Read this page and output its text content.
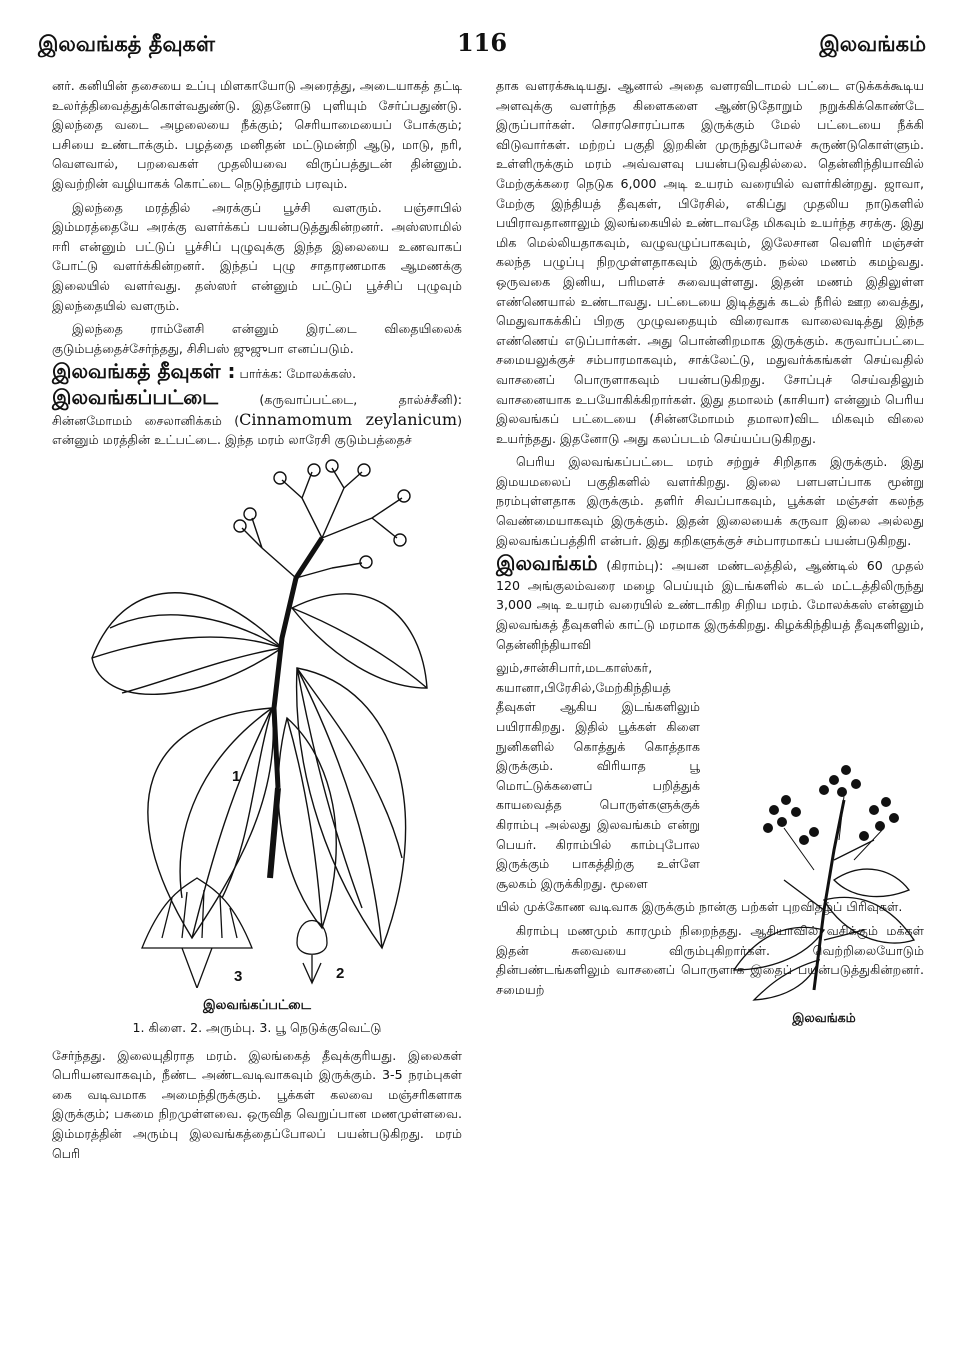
இலவங்கத் தீவுகள்	116	இலவங்கம்

னர். கனியின் தசையை உப்பு மிளகாயோடு அரைத்து, அடையாகத் தட்டி உலர்த்திவைத்துக்கொள்வதுண்டு. இதனோடு புளியும் சேர்ப்பதுண்டு. இலந்தை வடை அழலையை நீக்கும்; செரியாமையைப் போக்கும்; பசியை உண்டாக்கும். பழத்தை மனிதன் மட்டுமன்றி ஆடு, மாடு, நரி, வௌவால், பறவைகள் முதலியவை விருப்பத்துடன் தின்னும். இவற்றின் வழியாகக் கொட்டை நெடுந்தூரம் பரவும்.

இலந்தை மரத்தில் அரக்குப் பூச்சி வளரும். பஞ்சாபில் இம்மரத்தையே அரக்கு வளர்க்கப் பயன்படுத்துகின்றனர். அஸ்ஸாமில் ஈரி என்னும் பட்டுப் பூச்சிப் புழுவுக்கு இந்த இலையை உணவாகப் போட்டு வளர்க்கின்றனர். இந்தப் புழு சாதாரணமாக ஆமணக்கு இலையில் வளர்வது. தஸ்ஸர் என்னும் பட்டுப் பூச்சிப் புழுவும் இலந்தையில் வளரும்.

இலந்தை ராம்னேசி என்னும் இரட்டை விதையிலைக் குடும்பத்தைச்சேர்ந்தது, சிசிபஸ் ஜுஜுபா எனப்படும்.

இலவங்கத் தீவுகள் : பார்க்க: மோலக்கஸ்.

இலவங்கப்பட்டை	(கருவாப்பட்டை, தால்ச்சீனி): சின்னமோமம் சைலானிக்கம் (Cinnamomum zeylanicum) என்னும் மரத்தின் உட்பட்டை. இந்த மரம் லாரேசி குடும்பத்தைச்

1
3	2
இலவங்கப்பட்டை
1. கிளை. 2. அரும்பு. 3. பூ நெடுக்குவெட்டு

சேர்ந்தது. இலையுதிராத மரம். இலங்கைத் தீவுக்குரியது. இலைகள் பெரியனவாகவும், நீண்ட அண்டவடிவாகவும் இருக்கும். 3-5 நரம்புகள் கை வடிவமாக அமைந்திருக்கும். பூக்கள் கலவை மஞ்சரிகளாக இருக்கும்; பசுமை நிறமுள்ளவை. ஒருவித வெறுப்பான மணமுள்ளவை. இம்மரத்தின் அரும்பு இலவங்கத்தைப்போலப் பயன்படுகிறது. மரம் பெரி

தாக வளரக்கூடியது. ஆனால் அதை வளரவிடாமல் பட்டை எடுக்கக்கூடிய அளவுக்கு வளர்ந்த கிளைகளை ஆண்டுதோறும் நறுக்கிக்கொண்டே இருப்பார்கள். சொரசொரப்பாக இருக்கும் மேல் பட்டையை நீக்கி விடுவார்கள். மற்றப் பகுதி இறகின் முருந்துபோலச் சுருண்டுகொள்ளும். உள்ளிருக்கும் மரம் அவ்வளவு பயன்படுவதில்லை. தென்னிந்தியாவில் மேற்குக்கரை நெடுக 6,000 அடி உயரம் வரையில் வளர்கின்றது. ஜாவா, மேற்கு இந்தியத் தீவுகள், பிரேசில், எகிப்து முதலிய நாடுகளில் பயிராவதானாலும் இலங்கையில் உண்டாவதே மிகவும் உயர்ந்த சரக்கு. இது மிக மெல்லியதாகவும், வழுவழுப்பாகவும், இலேசான வெளிர் மஞ்சள் கலந்த பழுப்பு நிறமுள்ளதாகவும் இருக்கும். நல்ல மணம் கமழ்வது. ஒருவகை இனிய, பரிமளச் சுவையுள்ளது. இதன் மணம் இதிலுள்ள எண்ணெயால் உண்டாவது. பட்டையை இடித்துக் கடல் நீரில் ஊற வைத்து, மெதுவாகக்கிப் பிறகு முழுவதையும் விரைவாக வாலைவடித்து இந்த எண்ணெய் எடுப்பார்கள். அது பொன்னிறமாக இருக்கும். கருவாப்பட்டை சமையலுக்குச் சம்பாரமாகவும், சாக்லேட்டு, மதுவர்க்கங்கள் செய்வதில் வாசனைப் பொருளாகவும் பயன்படுகிறது. சோப்புச் செய்வதிலும் வாசனையாக உபயோகிக்கிறார்கள். இது தமாலம் (காசியா) என்னும் பெரிய இலவங்கப் பட்டையை (சின்னமோமம் தமாலா)விட மிகவும் விலை உயர்ந்தது. இதனோடு அது கலப்படம் செய்யப்படுகிறது.

பெரிய இலவங்கப்பட்டை மரம் சற்றுச் சிறிதாக இருக்கும். இது இமயமலைப் பகுதிகளில் வளர்கிறது. இலை பளபளப்பாக மூன்று நரம்புள்ளதாக இருக்கும். தளிர் சிவப்பாகவும், பூக்கள் மஞ்சள் கலந்த வெண்மையாகவும் இருக்கும். இதன் இலையைக் கருவா இலை அல்லது இலவங்கப்பத்திரி என்பர். இது கறிகளுக்குச் சம்பாரமாகப் பயன்படுகிறது.

இலவங்கம் (கிராம்பு): அயன மண்டலத்தில், ஆண்டில் 60 முதல் 120 அங்குலம்வரை மழை பெய்யும் இடங்களில் கடல் மட்டத்திலிருந்து 3,000 அடி உயரம் வரையில் உண்டாகிற சிறிய மரம். மோலக்கஸ் என்னும் இலவங்கத் தீவுகளில் காட்டு மரமாக இருக்கிறது. கிழக்கிந்தியத் தீவுகளிலும், தென்னிந்தியாவி

லும்,சான்சிபார்,மடகாஸ்கர், கயானா,பிரேசில்,மேற்கிந்தியத் தீவுகள் ஆகிய இடங்களிலும் பயிராகிறது. இதில் பூக்கள் கிளை நுனிகளில் கொத்துக் கொத்தாக இருக்கும். விரியாத பூ மொட்டுக்களைப் பறித்துக் காயவைத்த பொருள்களுக்குக் கிராம்பு அல்லது இலவங்கம் என்று பெயர். கிராம்பில் காம்புபோல இருக்கும் பாகத்திற்கு உள்ளே சூலகம் இருக்கிறது. மூளை

இலவங்கம்

யில் முக்கோண வடிவாக இருக்கும் நான்கு பற்கள் புறவிதழ்ப் பிரிவுகள்.

கிராம்பு மணமும் காரமும் நிறைந்தது. ஆசியாவில் வசிக்கும் மக்கள் இதன் சுவையை விரும்புகிறார்கள். வெற்றிலையோடும் தின்பண்டங்களிலும் வாசனைப் பொருளாக இதைப் பயன்படுத்துகின்றனர். சமையற்
